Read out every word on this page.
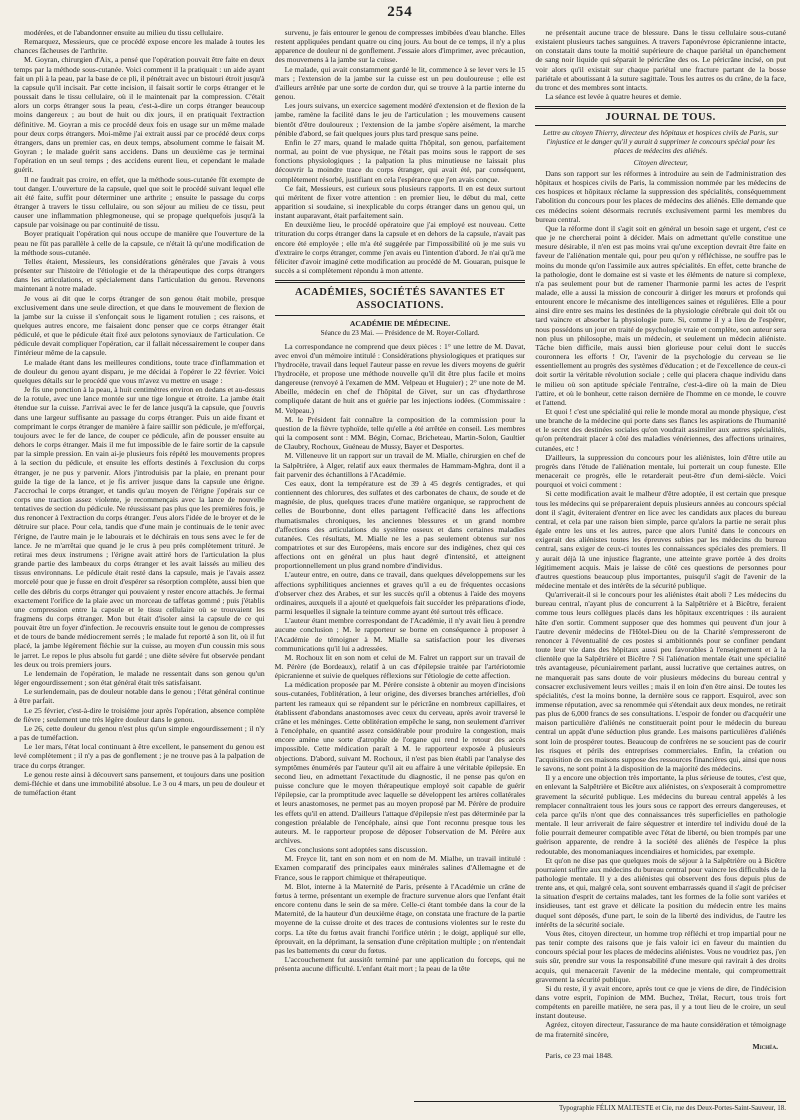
254

modérées, et de l'abandonner ensuite au milieu du tissu cellulaire.

Remarquez, Messieurs, que ce procédé expose encore les malade à toutes les chances fâcheuses de l'arthrite.

M. Goyran, chirurgien d'Aix, a pensé que l'opération pouvait être faite en deux temps par la méthode sous-cutanée. Voici comment il la pratiquait : un aide ayant fait un pli à la peau, par la base de ce pli, il pénétrait avec un bistouri étroit jusqu'à la capsule qu'il incisait. Par cette incision, il faisait sortir le corps étranger et le poussait dans le tissu cellulaire, où il le maintenait par la compression. C'était alors un corps étranger sous la peau, c'est-à-dire un corps étranger beaucoup moins dangereux ; au bout de huit ou dix jours, il en pratiquait l'extraction définitive. M. Goyran a mis ce procédé deux fois en usage sur un même malade pour deux corps étrangers. Moi-même j'ai extrait aussi par ce procédé deux corps étrangers, dans un premier cas, en deux temps, absolument comme le faisait M. Goyran ; le malade guérit sans accidens. Dans un deuxième cas je terminai l'opération en un seul temps ; des accidens eurent lieu, et cependant le malade guérit.

Il ne faudrait pas croire, en effet, que la méthode sous-cutanée fût exempte de tout danger. L'ouverture de la capsule, quel que soit le procédé suivant lequel elle ait été faite, suffit pour déterminer une arthrite ; ensuite le passage du corps étranger à travers le tissu cellulaire, ou son séjour au milieu de ce tissu, peut causer une inflammation phlegmoneuse, qui se propage quelquefois jusqu'à la capsule par voisinage ou par continuité de tissu.

Boyer pratiquait l'opération qui nous occupe de manière que l'ouverture de la peau ne fût pas parallèle à celle de la capsule, ce n'était là qu'une modification de la méthode sous-cutanée.

Telles étaient, Messieurs, les considérations générales que j'avais à vous présenter sur l'histoire de l'étiologie et de la thérapeutique des corps étrangers dans les articulations, et spécialement dans l'articulation du genou. Revenons maintenant à notre malade.

Je vous ai dit que le corps étranger de son genou était mobile, presque exclusivement dans une seule direction, et que dans le mouvement de flexion de la jambe sur la cuisse il s'enfonçait sous le ligament rotulien ; ces raisons, et quelques autres encore, me faisaient donc penser que ce corps étranger était pédiculé, et que le pédicule était fixé aux pelotons synoviaux de l'articulation. Ce pédicule devait compliquer l'opération, car il fallait nécessairement le couper dans l'intérieur même de la capsule.

Le malade étant dans les meilleures conditions, toute trace d'inflammation et de douleur du genou ayant disparu, je me décidai à l'opérer le 22 février. Voici quelques détails sur le procédé que vous m'avez vu mettre en usage :

Je fis une ponction à la peau, à huit centimètres environ en dedans et au-dessus de la rotule, avec une lance montée sur une tige longue et étroite. La jambe était étendue sur la cuisse. J'arrivai avec le fer de lance jusqu'à la capsule, que j'ouvris dans une largeur suffisante au passage du corps étranger. Puis un aide fixant et comprimant le corps étranger de manière à faire saillir son pédicule, je m'efforçai, toujours avec le fer de lance, de couper ce pédicule, afin de pousser ensuite au dehors le corps étranger. Mais il me fut impossible de le faire sortir de la capsule par la simple pression. En vain ai-je plusieurs fois répété les mouvements propres à la section du pédicule, et ensuite les efforts destinés à l'exclusion du corps étranger, je ne pus y parvenir. Alors j'introduisis par la plaie, en prenant pour guide la tige de la lance, et je fis arriver jusque dans la capsule une érigne. J'accrochai le corps étranger, et tandis qu'au moyen de l'érigne j'opérais sur ce corps une traction assez violente, je recommençais avec la lance de nouvelle tentatives de section du pédicule. Ne réussissant pas plus que les premières fois, je dus renoncer à l'extraction du corps étranger. J'eus alors l'idée de le broyer et de le détruire sur place. Pour cela, tandis que d'une main je continuais de le tenir avec l'érigne, de l'autre main je le labourais et le déchirais en tous sens avec le fer de lance. Je ne m'arrêtai que quand je le crus à peu près complètement trituré. Je retirai mes deux instrumens ; l'érigne avait attiré hors de l'articulation la plus grande partie des lambeaux du corps étranger et les avait laissés au milieu des tissus environnans. Le pédicule était resté dans la capsule, mais je l'avais assez morcelé pour que je fusse en droit d'espérer sa résorption complète, aussi bien que celle des débris du corps étranger qui pouvaient y rester encore attachés. Je fermai exactement l'orifice de la plaie avec un morceau de taffetas gommé ; puis j'établis une compression entre la capsule et le tissu cellulaire où se trouvaient les fragmens du corps étranger. Mon but était d'isoler ainsi la capsule de ce qui pouvait être un foyer d'infection. Je recouvris ensuite tout le genou de compresses et de tours de bande médiocrement serrés ; le malade fut reporté à son lit, où il fut placé, la jambe légèrement fléchie sur la cuisse, au moyen d'un coussin mis sous le jarret. Le repos le plus absolu fut gardé ; une diète sévère fut observée pendant les deux ou trois premiers jours.

Le lendemain de l'opération, le malade ne ressentait dans son genou qu'un léger engourdissement ; son état général était très satisfaisant.

Le surlendemain, pas de douleur notable dans le genou ; l'état général continue à être parfait.

Le 25 février, c'est-à-dire le troisième jour après l'opération, absence complète de fièvre ; seulement une très légère douleur dans le genou.

Le 26, cette douleur du genou n'est plus qu'un simple engourdissement ; il n'y a pas de tuméfaction.

Le 1er mars, l'état local continuant à être excellent, le pansement du genou est levé complètement ; il n'y a pas de gonflement ; je ne trouve pas à la palpation de trace du corps étranger.

Le genou reste ainsi à découvert sans pansement, et toujours dans une position demi-fléchie et dans une immobilité absolue. Le 3 ou 4 mars, un peu de douleur et de tuméfaction étant

survenu, je fais entourer le genou de compresses imbibées d'eau blanche. Elles restent appliquées pendant quatre ou cinq jours. Au bout de ce temps, il n'y a plus apparence de douleur ni de gonflement. J'essaie alors d'imprimer, avec précaution, des mouvemens à la jambe sur la cuisse.

Le malade, qui avait constamment gardé le lit, commence à se lever vers le 15 mars ; l'extension de la jambe sur la cuisse est un peu douloureuse ; elle est d'ailleurs arrêtée par une sorte de cordon dur, qui se trouve à la partie interne du genou.

Les jours suivans, un exercice sagement modéré d'extension et de flexion de la jambe, ramène la facilité dans le jeu de l'articulation ; les mouvemens causent bientôt d'être douloureux ; l'extension de la jambe s'opère aisément, la marche pénible d'abord, se fait quelques jours plus tard presque sans peine.

Enfin le 27 mars, quand le malade quitta l'hôpital, son genou, parfaitement normal, au point de vue physique, ne l'était pas moins sous le rapport de ses fonctions physiologiques ; la palpation la plus minutieuse ne laissait plus découvrir la moindre trace du corps étranger, qui avait été, par conséquent, complètement résorbé, justifiant en cela l'espérance que j'en avais conçue.

Ce fait, Messieurs, est curieux sous plusieurs rapports. Il en est deux surtout qui méritent de fixer votre attention : en premier lieu, le début du mal, cette apparition si soudaine, si inexplicable du corps étranger dans un genou qui, un instant auparavant, était parfaitement sain.

En deuxième lieu, le procédé opératoire que j'ai employé est nouveau. Cette trituration du corps étranger dans la capsule et en dehors de la capsule, n'avait pas encore été employée ; elle m'a été suggérée par l'impossibilité où je me suis vu d'extraire le corps étranger, comme j'en avais eu l'intention d'abord. Je n'ai qu'à me féliciter d'avoir imaginé cette modification au procédé de M. Gouaran, puisque le succès a si complètement répondu à mon attente.

ACADÉMIES, SOCIÉTÉS SAVANTES ET ASSOCIATIONS.
ACADÉMIE DE MÉDECINE.
Séance du 23 Mai. — Présidence de M. Royer-Collard.

La correspondance ne comprend que deux pièces : 1° une lettre de M. Davat, avec envoi d'un mémoire intitulé : Considérations physiologiques et pratiques sur l'hydrocèle, travail dans lequel l'auteur passe en revue les divers moyens de guérir l'hydrocèle, et propose une méthode nouvelle qu'il dit être plus facile et moins dangereuse (renvoyé à l'examen de MM. Velpeau et Huguier) ; 2° une note de M. Abeille, médecin en chef de l'hôpital de Givet, sur un cas d'hydarthrose compliquée datant de huit ans et guérie par les injections iodées. (Commissaire : M. Velpeau.)

M. le Président fait connaître la composition de la commission pour la question de la fièvre typhoïde, telle qu'elle a été arrêtée en conseil. Les membres qui la composent sont : MM. Bégin, Cornac, Bricheteau, Martin-Solon, Gaultier de Claubry, Rochoux, Guéneau de Mussy, Bayer et Desportes.

M. Villeneuve lit un rapport sur un travail de M. Mialle, chirurgien en chef de la Salpêtrière, à Alger, relatif aux eaux thermales de Hammam-Mghra, dont il a fait parvenir des échantillons à l'Académie.

Ces eaux, dont la température est de 39 à 45 degrés centigrades, et qui contiennent des chlorures, des sulfates et des carbonates de chaux, de soude et de magnésie, de plus, quelques traces d'une matière organique, se rapprochent de celles de Bourbonne, dont elles partagent l'efficacité dans les affections rhumatismales chroniques, les anciennes blessures et un grand nombre d'affections des articulations du système osseux et dans certaines maladies cutanées. Ces résultats, M. Mialle ne les a pas seulement obtenus sur nos compatriotes et sur des Européens, mais encore sur des indigènes, chez qui ces affections ont en général un plus haut degré d'intensité, et atteignent proportionnellement un plus grand nombre d'individus.

L'auteur entre, en outre, dans ce travail, dans quelques développemens sur les affections syphilitiques anciennes et graves qu'il a eu de fréquentes occasions d'observer chez des Arabes, et sur les succès qu'il a obtenus à l'aide des moyens ordinaires, auxquels il a ajouté et quelquefois fait succéder les préparations d'iode, parmi lesquelles il signale la teinture comme ayant été surtout très efficace.

L'auteur étant membre correspondant de l'Académie, il n'y avait lieu à prendre aucune conclusion ; M. le rapporteur se borne en conséquence à proposer à l'Académie de témoigner à M. Mialle sa satisfaction pour les diverses communications qu'il lui a adressées.

M. Rochoux lit en son nom et celui de M. Falret un rapport sur un travail de M. Pérère (de Bordeaux), relatif à un cas d'épilepsie traitée par l'artériotomie épicranienne et suivie de quelques réflexions sur l'étiologie de cette affection.

La médication proposée par M. Pérère consiste à obtenir au moyen d'incisions sous-cutanées, l'oblitération, à leur origine, des diverses branches artérielles, d'où partent les rameaux qui se répandent sur le péricrâne en nombreux capillaires, et établissent d'abondans anastomoses avec ceux du cerveau, après avoir traversé le crâne et les méninges. Cette oblitération empêche le sang, non seulement d'arriver à l'encéphale, en quantité assez considérable pour produire la congestion, mais encore amène une sorte d'atrophie de l'organe qui rend le retour des accès impossible. Cette médication paraît à M. le rapporteur exposée à plusieurs objections. D'abord, suivant M. Rochoux, il n'est pas bien établi par l'analyse des symptômes énumérés par l'auteur qu'il ait eu affaire à une véritable épilepsie. En second lieu, en admettant l'exactitude du diagnostic, il ne pense pas qu'on en puisse conclure que le moyen thérapeutique employé soit capable de guérir l'épilepsie, car la promptitude avec laquelle se développent les artères collatérales et leurs anastomoses, ne permet pas au moyen proposé par M. Pérère de produire les effets qu'il en attend. D'ailleurs l'attaque d'épilepsie n'est pas déterminée par la congestion préalable de l'encéphale, ainsi que l'ont reconnu presque tous les auteurs. M. le rapporteur propose de déposer l'observation de M. Pérère aux archives.

Ces conclusions sont adoptées sans discussion.

M. Freyce lit, tant en son nom et en nom de M. Mialhe, un travail intitulé : Examen comparatif des principales eaux minérales salines d'Allemagne et de France, sous le rapport chimique et thérapeutique.

M. Blot, interne à la Maternité de Paris, présente à l'Académie un crâne de fœtus à terme, présentant un exemple de fracture survenue alors que l'enfant était encore contenu dans le sein de sa mère. Celle-ci étant tombée dans la cour de la Maternité, de la hauteur d'un deuxième étage, on constata une fracture de la partie moyenne de la cuisse droite et des traces de contusions violentes sur le reste du corps. La tête du fœtus avait franchi l'orifice utérin ; le doigt, appliqué sur elle, éprouvait, en la déprimant, la sensation d'une crépitation multiple ; on n'entendait pas les battements du cœur du fœtus.

L'accouchement fut aussitôt terminé par une application du forceps, qui ne présenta aucune difficulté. L'enfant était mort ; la peau de la tête

ne présentait aucune trace de blessure. Dans le tissu cellulaire sous-cutané existaient plusieurs taches sanguines. A travers l'aponévrose épicranienne intacte, on constatait dans toute la moitié supérieure de chaque pariétal un épanchement de sang noir liquide qui séparait le péricrâne des os. Le péricrâne incisé, on put voir alors qu'il existait sur chaque pariétal une fracture partant de la bosse pariétale et aboutissant à la suture sagittale. Tous les autres os du crâne, de la face, du tronc et des membres sont intacts.

La séance est levée à quatre heures et demie.

JOURNAL DE TOUS.
Lettre au citoyen Thierry, directeur des hôpitaux et hospices civils de Paris, sur l'injustice et le danger qu'il y aurait à supprimer le concours spécial pour les places de médecins des aliénés.
Citoyen directeur,

Dans son rapport sur les réformes à introduire au sein de l'administration des hôpitaux et hospices civils de Paris, la commission nommée par les médecins de ces hospices et hôpitaux réclame la suppression des spécialités, conséquemment l'abolition du concours pour les places de médecins des aliénés. Elle demande que ces médecins soient désormais recrutés exclusivement parmi les membres du bureau central.

Que la réforme dont il s'agit soit en général un besoin sage et urgent, c'est ce que je ne chercherai point à décider. Mais on admettant qu'elle constitue une mesure désirable, il n'en est pas moins vrai qu'une exception devrait être faite en faveur de l'aliénation mentale qui, pour peu qu'on y réfléchisse, ne souffre pas le moins du monde qu'on l'assimile aux autres spécialités. En effet, cette branche de la pathologie, dont le domaine est si vaste et les éléments de nature si complexe, n'a pas seulement pour but de ramener l'harmonie parmi les actes de l'esprit malade, elle a aussi la mission de concourir à diriger les mœurs et profonds qui entourent encore le mécanisme des intelligences saines et régulières. Elle a pour ainsi dire entre ses mains les destinées de la physiologie cérébrale qui doit tôt ou tard vaincre et absorber la physiologie pure. Si, comme il y a lieu de l'espérer, nous possédons un jour en traité de psychologie vraie et complète, son auteur sera non plus un philosophe, mais un médecin, et seulement un médecin aliéniste. Tâche bien difficile, mais aussi bien glorieuse pour celui dont le succès couronnera les efforts ! Or, l'avenir de la psychologie du cerveau se lie essentiellement au progrès des systèmes d'éducation ; et de l'excellence de ceux-ci doit sortir la véritable révolution sociale ; celle qui placera chaque individu dans le milieu où son aptitude spéciale l'entraîne, c'est-à-dire où la main de Dieu l'attire, et où le bonheur, cette raison dernière de l'homme en ce monde, le couvre et l'attend.

Et quoi ! c'est une spécialité qui relie le monde moral au monde physique, c'est une branche de la médecine qui porte dans ses flancs les aspirations de l'humanité et le secret des destinées sociales qu'on voudrait assimiler aux autres spécialités, qu'on prétendrait placer à côté des maladies vénériennes, des affections urinaires, cutanées, etc !

D'ailleurs, la suppression du concours pour les aliénistes, loin d'être utile au progrès dans l'étude de l'aliénation mentale, lui porterait un coup funeste. Elle menacerait ce progrès, elle le retarderait peut-être d'un demi-siècle. Voici pourquoi et voici comment :

Si cette modification avait le malheur d'être adoptée, il est certain que presque tous les médecins qui se prépareraient depuis plusieurs années au concours spécial dont il s'agit, éviteraient d'entrer en lice avec les candidats aux places du bureau central, et cela par une raison bien simple, parce qu'alors la partie ne serait plus égale entre les uns et les autres, parce que alors l'unité dans le concours en exigerait des aliénistes toutes les épreuves subies par les médecins du bureau central, sans exiger de ceux-ci toutes les connaissances spéciales des premiers. Il y aurait déjà là une injustice flagrante, une atteinte grave portée à des droits légitimement acquis. Mais je laisse de côté ces questions de personnes pour d'autres questions beaucoup plus importantes, puisqu'il s'agit de l'avenir de la médecine mentale et des intérêts de la sécurité publique.

Qu'arriverait-il si le concours pour les aliénistes était aboli ? Les médecins du bureau central, n'ayant plus de concurrent à la Salpêtrière et à Bicêtre, feraient comme tous leurs collègues placés dans les hôpitaux excentriques : ils auraient hâte d'en sortir. Comment supposer que des hommes qui peuvent d'un jour à l'autre devenir médecins de l'Hôtel-Dieu ou de la Charité s'empresseront de renoncer à l'éventualité de ces postes si ambitionnés pour se confiner pendant toute leur vie dans des hôpitaux aussi peu favorables à l'enseignement et à la clientèle que la Salpêtrière et Bicêtre ? Si l'aliénation mentale était une spécialité très avantageuse, pécuniairement parlant, aussi lucrative que certaines autres, on ne manquerait pas sans doute de voir plusieurs médecins du bureau central y consacrer exclusivement leurs veilles ; mais il en loin d'en être ainsi. De toutes les spécialités, c'est la moins bonne, la dernière sous ce rapport. Esquirol, avec son immense réputation, avec sa renommée qui s'étendait aux deux mondes, ne retirait pas plus de 6,000 francs de ses consultations. L'espoir de fonder ou d'acquérir une maison particulière d'aliénés ne constituerait point pour le médecin du bureau central un appât d'une séduction plus grande. Les maisons particulières d'aliénés sont loin de prospérer toutes. Beaucoup de confrères ne se soucient pas de courir les risques et périls des entreprises commerciales. Enfin, la création ou l'acquisition de ces maisons suppose des ressources financières qui, ainsi que nous le savons, ne sont point à la disposition de la majorité des médecins.

Il y a encore une objection très importante, la plus sérieuse de toutes, c'est que, en enlevant la Salpêtrière et Bicêtre aux aliénistes, on s'exposerait à compromettre gravement la sécurité publique. Les médecins du bureau central appelés à les remplacer connaîtraient tous les jours sous ce rapport des erreurs dangereuses, et cela parce qu'ils n'ont que des connaissances très superficielles en pathologie mentale. Il leur arriverait de faire séquestrer et interdire tel individu doué de la folie pourrait demeurer compatible avec l'état de liberté, ou bien trompés par une guérison apparente, de rendre à la société des aliénés de l'espèce la plus redoutable, des monomaniaques incendiaires et homicides, par exemple.

Et qu'on ne dise pas que quelques mois de séjour à la Salpêtrière ou à Bicêtre pourraient suffire aux médecins du bureau central pour vaincre les difficultés de la pathologie mentale. Il y a des aliénistes qui observent des fous depuis plus de trente ans, et qui, malgré cela, sont souvent embarrassés quand il s'agit de préciser la situation d'esprit de certains malades, tant les formes de la folie sont variées et insidieuses, tant est grave et délicate la position du médecin entre les mains duquel sont déposés, d'une part, le soin de la liberté des individus, de l'autre les intérêts de la sécurité sociale.

Vous êtes, citoyen directeur, un homme trop réfléchi et trop impartial pour ne pas tenir compte des raisons que je fais valoir ici en faveur du maintien du concours spécial pour les places de médecins aliénistes. Vous ne voudriez pas, j'en suis sûr, prendre sur vous la responsabilité d'une mesure qui ravirait à des droits acquis, qui menacerait l'avenir de la médecine mentale, qui compromettrait gravement la sécurité publique.

Si du reste, il y avait encore, après tout ce que je viens de dire, de l'indécision dans votre esprit, l'opinion de MM. Buchez, Trélat, Recurt, tous trois fort compétents en pareille matière, ne sera pas, il y a tout lieu de le croire, un seul instant douteuse.

Agréez, citoyen directeur, l'assurance de ma haute considération et témoignage de ma fraternité sincère,

Michéa.

Paris, ce 23 mai 1848.

Typographie FÉLIX MALTESTE et Cie, rue des Deux-Portes-Saint-Sauveur, 18.
